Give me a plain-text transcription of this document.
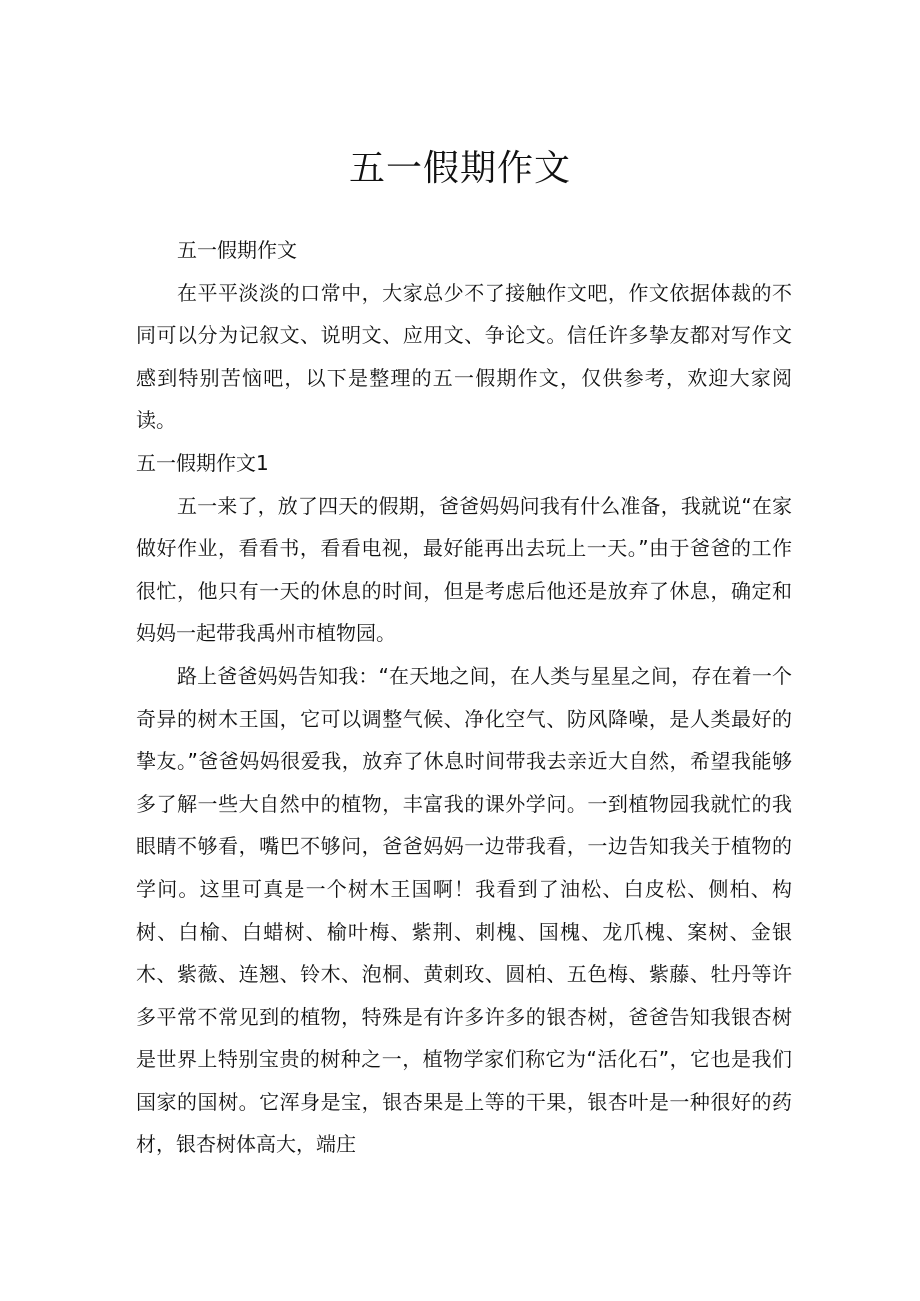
五一假期作文

五一假期作文

在平平淡淡的口常中，大家总少不了接触作文吧，作文依据体裁的不同可以分为记叙文、说明文、应用文、争论文。信任许多挚友都对写作文感到特别苦恼吧，以下是整理的五一假期作文，仅供参考，欢迎大家阅读。

五一假期作文1

五一来了，放了四天的假期，爸爸妈妈问我有什么准备，我就说“在家做好作业，看看书，看看电视，最好能再出去玩上一天。”由于爸爸的工作很忙，他只有一天的休息的时间，但是考虑后他还是放弃了休息，确定和妈妈一起带我禹州市植物园。

路上爸爸妈妈告知我：“在天地之间，在人类与星星之间，存在着一个奇异的树木王国，它可以调整气候、净化空气、防风降噪，是人类最好的挚友。”爸爸妈妈很爱我，放弃了休息时间带我去亲近大自然，希望我能够多了解一些大自然中的植物，丰富我的课外学问。一到植物园我就忙的我眼睛不够看，嘴巴不够问，爸爸妈妈一边带我看，一边告知我关于植物的学问。这里可真是一个树木王国啊！我看到了油松、白皮松、侧柏、构树、白榆、白蜡树、榆叶梅、紫荆、刺槐、国槐、龙爪槐、案树、金银木、紫薇、连翘、铃木、泡桐、黄刺玫、圆柏、五色梅、紫藤、牡丹等许多平常不常见到的植物，特殊是有许多许多的银杏树，爸爸告知我银杏树是世界上特别宝贵的树种之一，植物学家们称它为“活化石”，它也是我们国家的国树。它浑身是宝，银杏果是上等的干果，银杏叶是一种很好的药材，银杏树体高大，端庄
